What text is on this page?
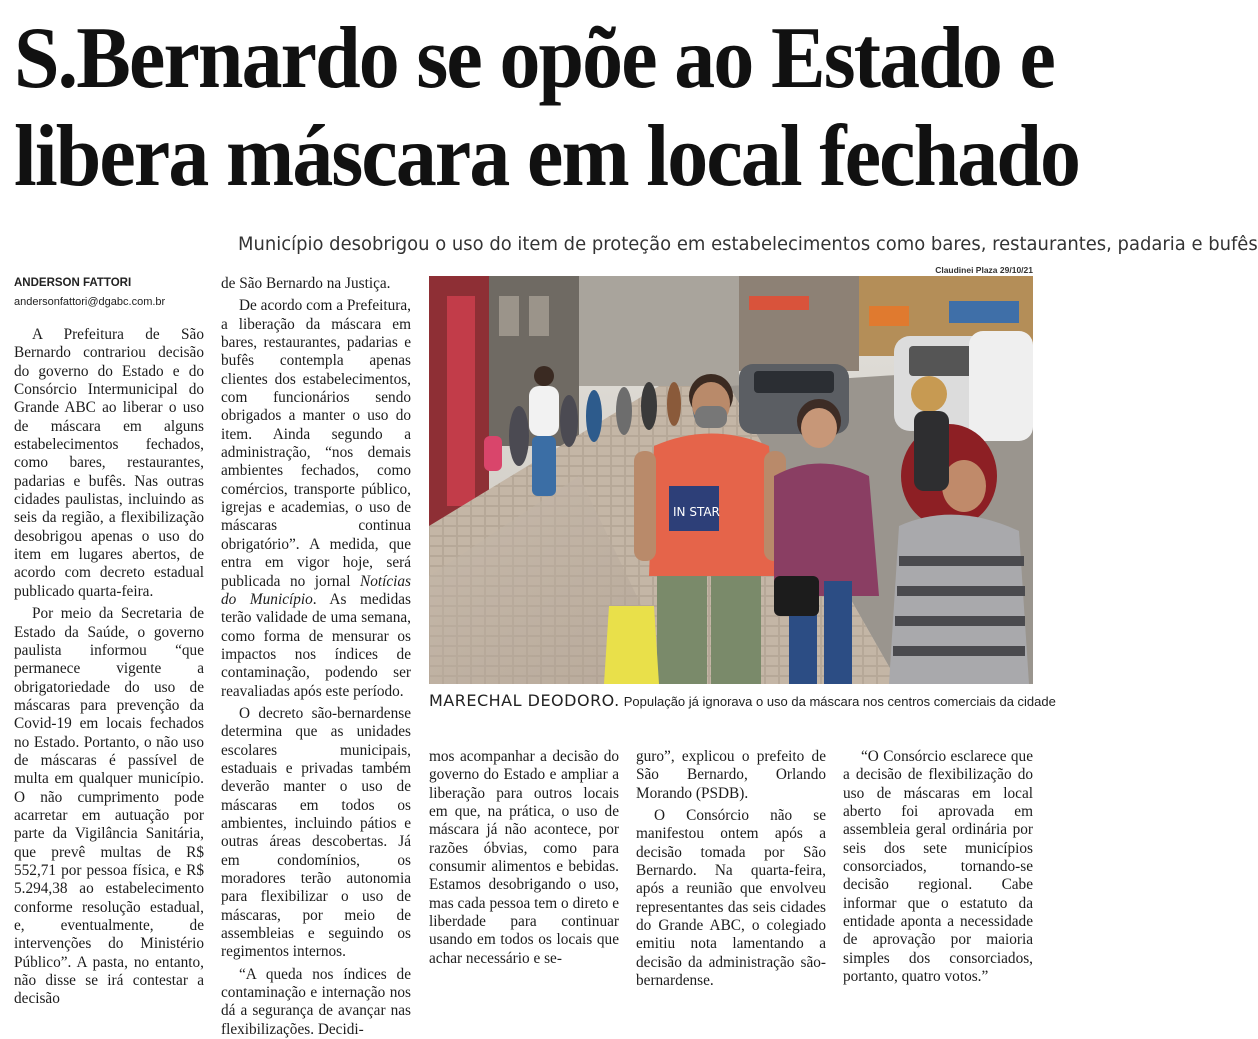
S.Bernardo se opõe ao Estado e
libera máscara em local fechado
Município desobrigou o uso do item de proteção em estabelecimentos como bares, restaurantes, padaria e bufês
ANDERSON FATTORI
andersonfattori@dgabc.com.br

A Prefeitura de São Bernardo contrariou decisão do governo do Estado e do Consórcio Intermunicipal do Grande ABC ao liberar o uso de máscara em alguns estabelecimentos fechados, como bares, restaurantes, padarias e bufês. Nas outras cidades paulistas, incluindo as seis da região, a flexibilização desobrigou apenas o uso do item em lugares abertos, de acordo com decreto estadual publicado quarta-feira.

Por meio da Secretaria de Estado da Saúde, o governo paulista informou “que permanece vigente a obrigatoriedade do uso de máscaras para prevenção da Covid-19 em locais fechados no Estado. Portanto, o não uso de máscaras é passível de multa em qualquer município. O não cumprimento pode acarretar em autuação por parte da Vigilância Sanitária, que prevê multas de R$ 552,71 por pessoa física, e R$ 5.294,38 ao estabelecimento conforme resolução estadual, e, eventualmente, de intervenções do Ministério Público”. A pasta, no entanto, não disse se irá contestar a decisão

de São Bernardo na Justiça.

De acordo com a Prefeitura, a liberação da máscara em bares, restaurantes, padarias e bufês contempla apenas clientes dos estabelecimentos, com funcionários sendo obrigados a manter o uso do item. Ainda segundo a administração, “nos demais ambientes fechados, como comércios, transporte público, igrejas e academias, o uso de máscaras continua obrigatório”. A medida, que entra em vigor hoje, será publicada no jornal Notícias do Município. As medidas terão validade de uma semana, como forma de mensurar os impactos nos índices de contaminação, podendo ser reavaliadas após este período.

O decreto são-bernardense determina que as unidades escolares municipais, estaduais e privadas também deverão manter o uso de máscaras em todos os ambientes, incluindo pátios e outras áreas descobertas. Já em condomínios, os moradores terão autonomia para flexibilizar o uso de máscaras, por meio de assembleias e seguindo os regimentos internos.

“A queda nos índices de contaminação e internação nos dá a segurança de avançar nas flexibilizações. Decidi-

Claudinei Plaza 29/10/21
IN STAR
MARECHAL DEODORO. População já ignorava o uso da máscara nos centros comerciais da cidade

mos acompanhar a decisão do governo do Estado e ampliar a liberação para outros locais em que, na prática, o uso de máscara já não acontece, por razões óbvias, como para consumir alimentos e bebidas. Estamos desobrigando o uso, mas cada pessoa tem o direto e liberdade para continuar usando em todos os locais que achar necessário e se-

guro”, explicou o prefeito de São Bernardo, Orlando Morando (PSDB).

O Consórcio não se manifestou ontem após a decisão tomada por São Bernardo. Na quarta-feira, após a reunião que envolveu representantes das seis cidades do Grande ABC, o colegiado emitiu nota lamentando a decisão da administração são-bernardense.

“O Consórcio esclarece que a decisão de flexibilização do uso de máscaras em local aberto foi aprovada em assembleia geral ordinária por seis dos sete municípios consorciados, tornando-se decisão regional. Cabe informar que o estatuto da entidade aponta a necessidade de aprovação por maioria simples dos consorciados, portanto, quatro votos.”
